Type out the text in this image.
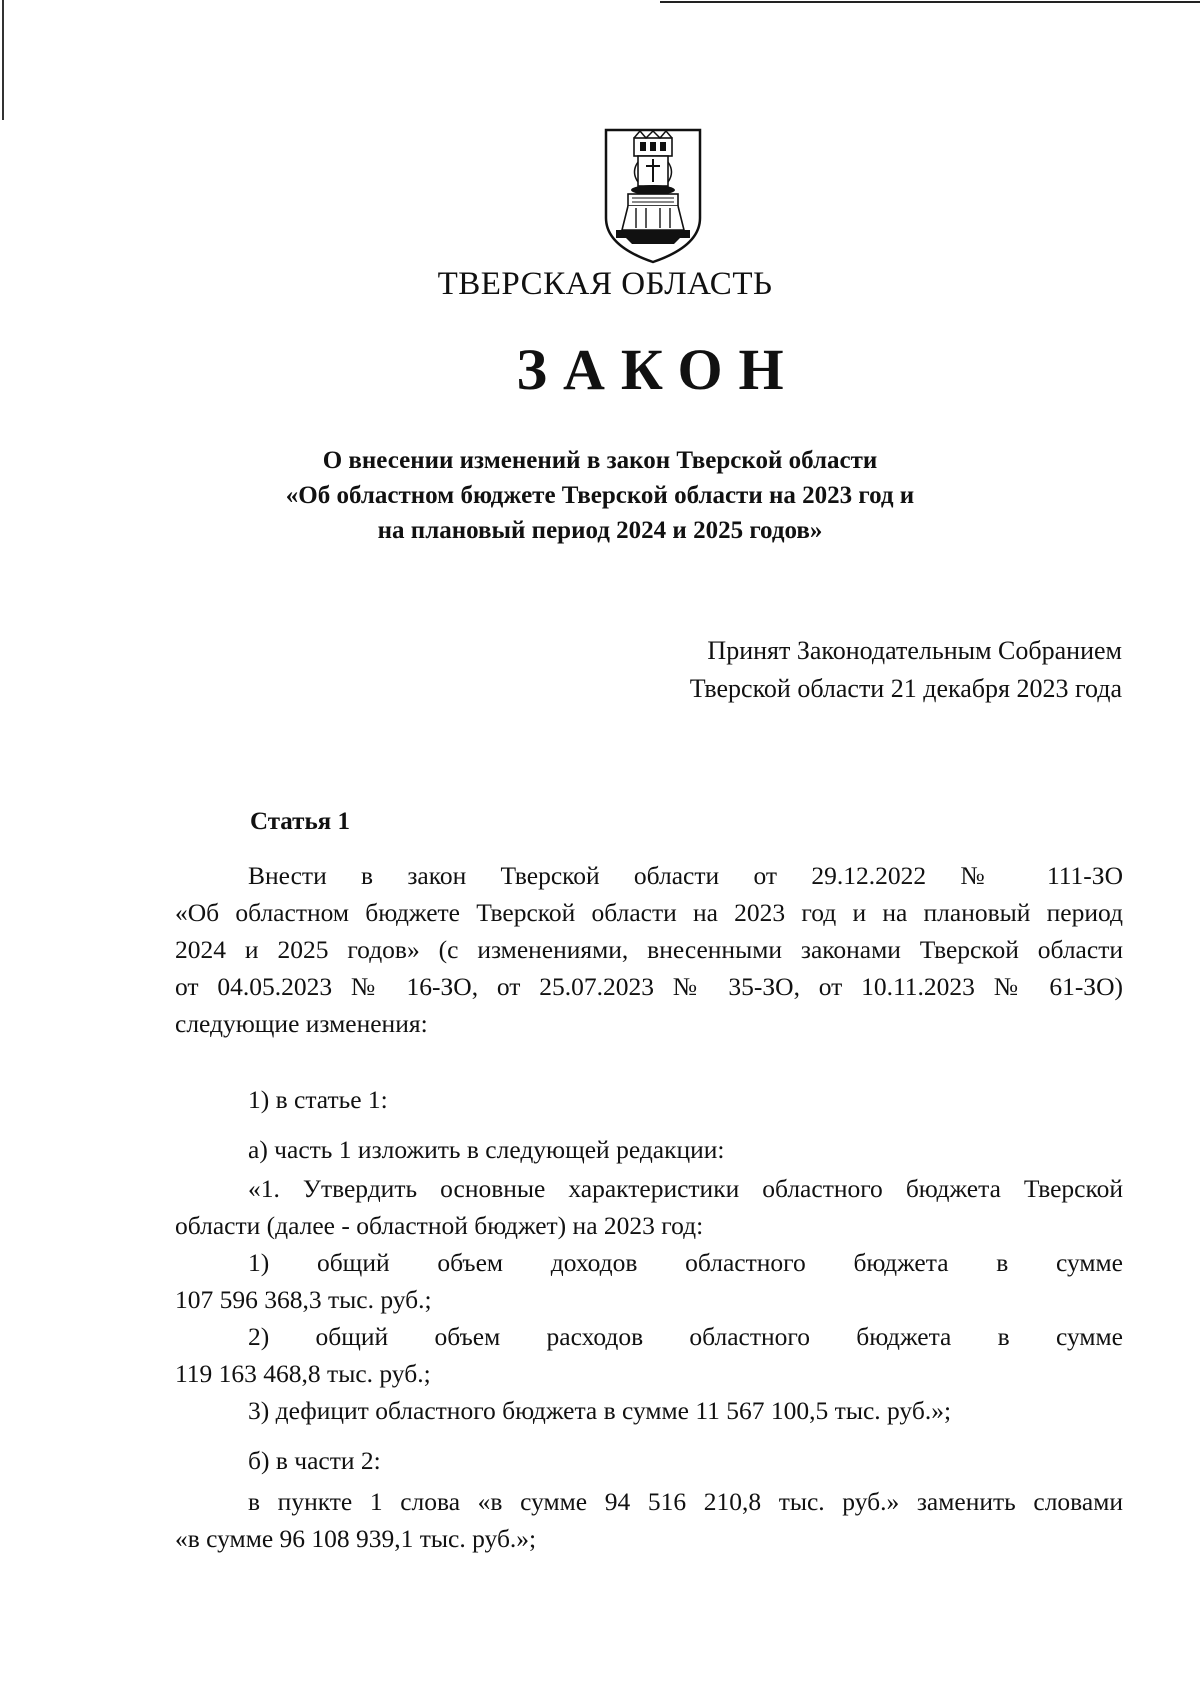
ТВЕРСКАЯ ОБЛАСТЬ
ЗАКОН
О внесении изменений в закон Тверской области
«Об областном бюджете Тверской области на 2023 год и
на плановый период 2024 и 2025 годов»
Принят Законодательным Собранием
Тверской области 21 декабря 2023 года
Статья 1
Внести в закон Тверской области от 29.12.2022 № 111-ЗО
«Об областном бюджете Тверской области на 2023 год и на плановый период
2024 и 2025 годов» (с изменениями, внесенными законами Тверской области
от 04.05.2023 № 16-ЗО, от 25.07.2023 № 35-ЗО, от 10.11.2023 № 61-ЗО)
следующие изменения:
1) в статье 1:
а) часть 1 изложить в следующей редакции:
«1. Утвердить основные характеристики областного бюджета Тверской
области (далее - областной бюджет) на 2023 год:
1) общий объем доходов областного бюджета в сумме
107 596 368,3 тыс. руб.;
2) общий объем расходов областного бюджета в сумме
119 163 468,8 тыс. руб.;
3) дефицит областного бюджета в сумме 11 567 100,5 тыс. руб.»;
б) в части 2:
в пункте 1 слова «в сумме 94 516 210,8 тыс. руб.» заменить словами
«в сумме 96 108 939,1 тыс. руб.»;
